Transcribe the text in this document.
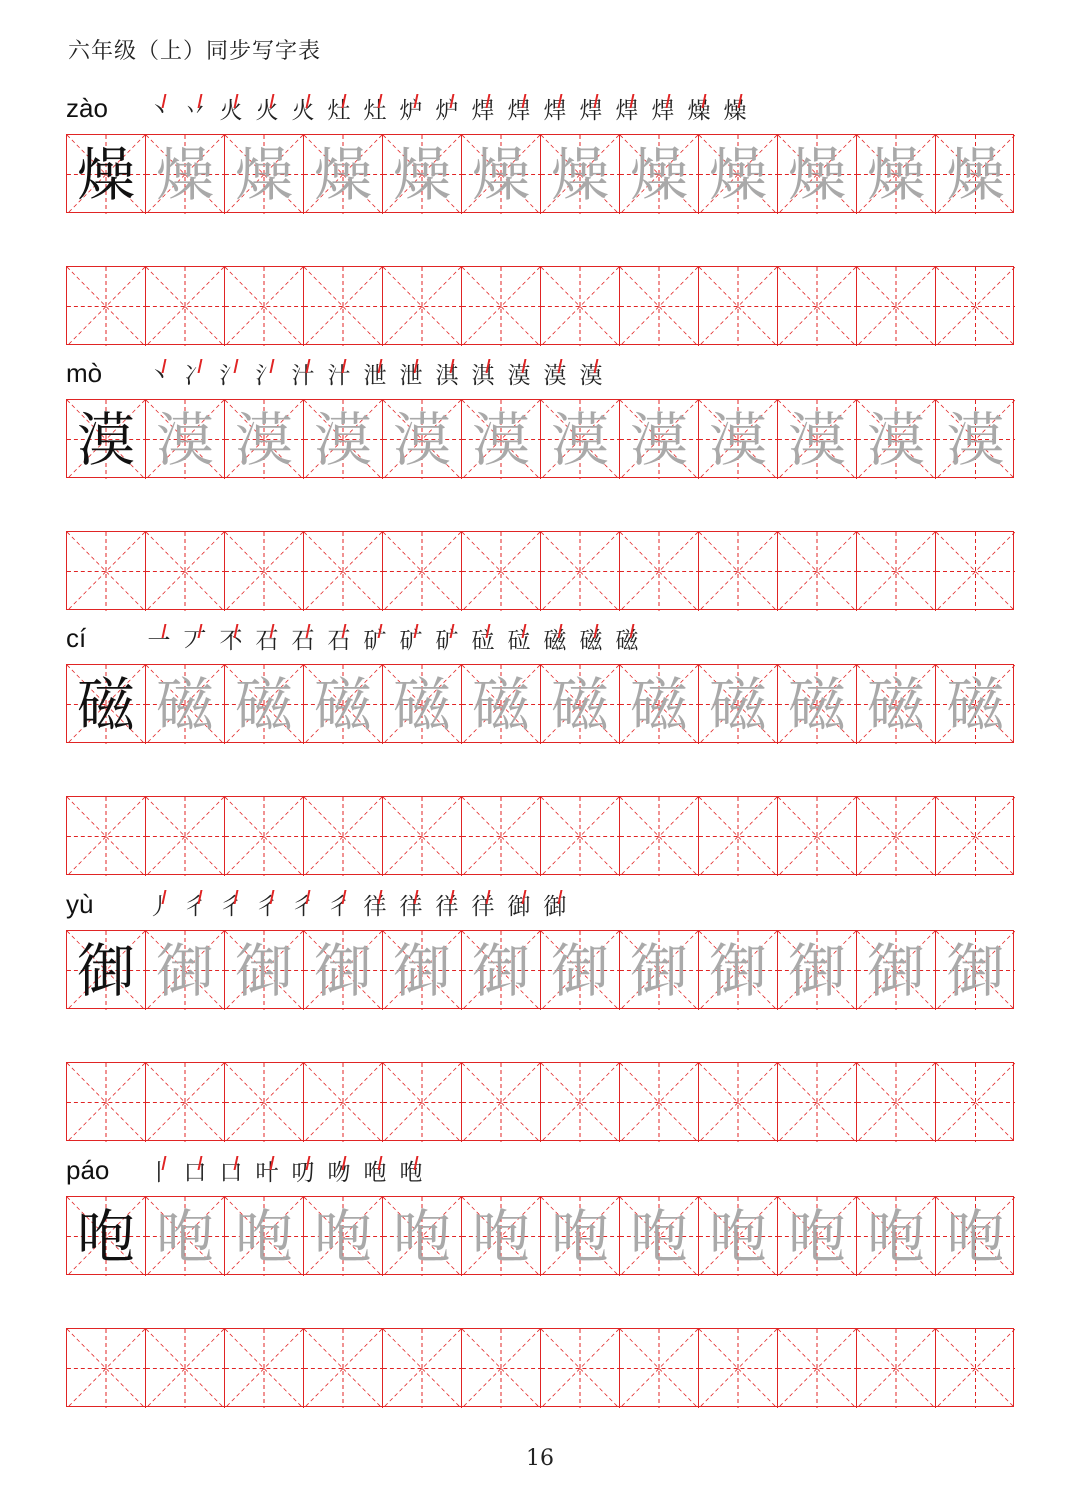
六年级（上）同步写字表
zào	丶 丷 火 火 火 灶 灶 炉 炉 焊 焊 焊 焊 焊 焊 燥 燥
燥 燥 燥 燥 燥 燥 燥 燥 燥 燥 燥 燥
mò	丶 冫 氵 氵 汁 汁 泄 泄 淇 淇 漠 漠 漠
漠 漠 漠 漠 漠 漠 漠 漠 漠 漠 漠 漠
cí	一 丆 不 石 石 石 矿 矿 矿 砬 砬 磁 磁 磁
磁 磁 磁 磁 磁 磁 磁 磁 磁 磁 磁 磁
yù	丿 彳 彳 彳 彳 彳 徉 徉 徉 徉 御 御
御 御 御 御 御 御 御 御 御 御 御 御
páo	丨 口 口 叶 叨 吻 咆 咆
咆 咆 咆 咆 咆 咆 咆 咆 咆 咆 咆 咆
16
